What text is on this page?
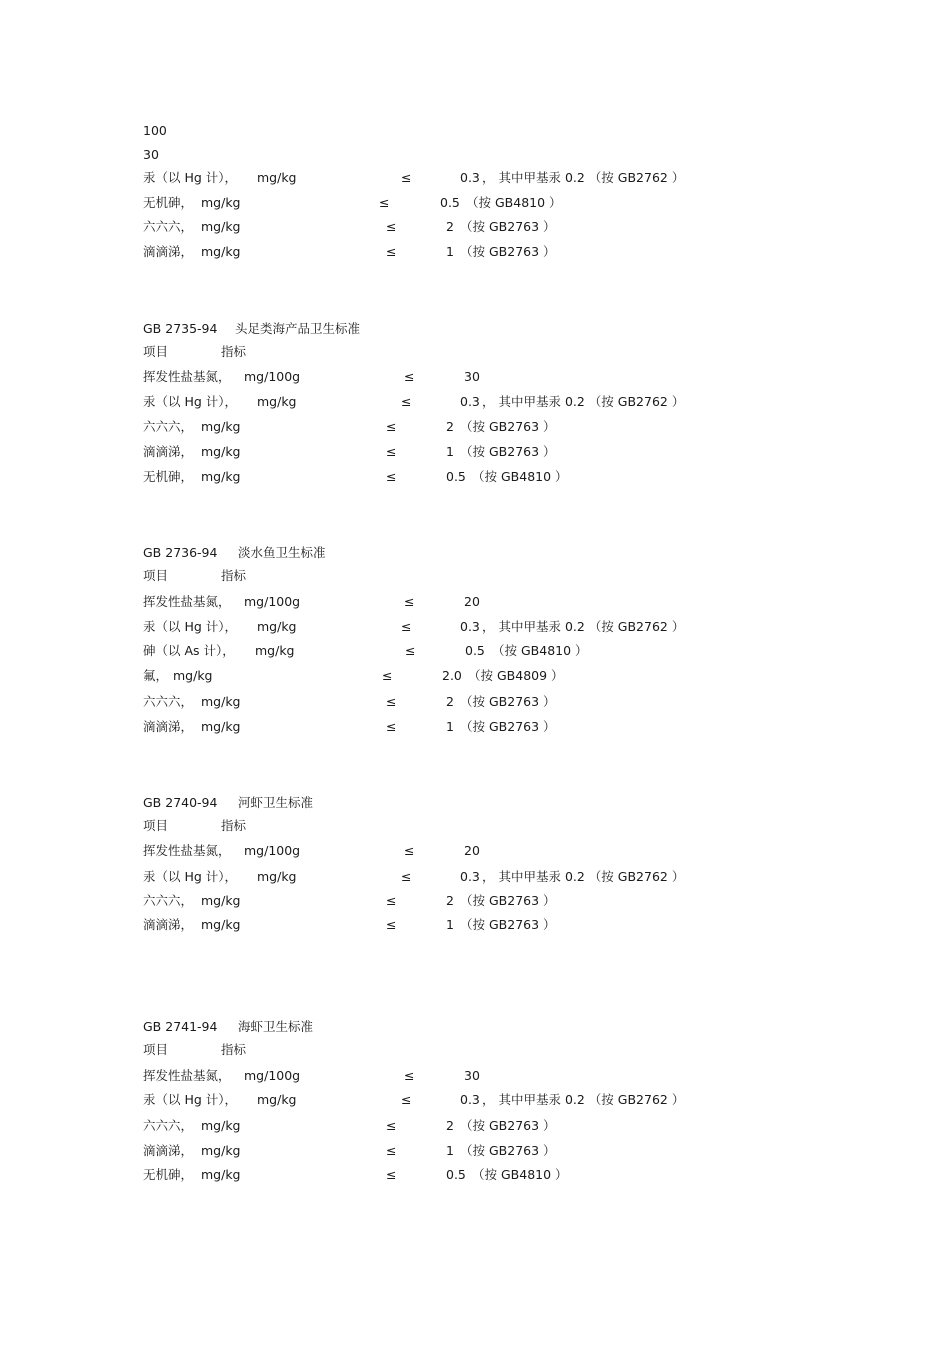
100
30
汞（以 Hg 计）， mg/kg	≤	0.3 ， 其中甲基汞 0.2 （按 GB2762 ）
无机砷， mg/kg	≤	0.5 （按 GB4810 ）
六六六， mg/kg	≤	2 （按 GB2763 ）
滴滴涕， mg/kg	≤	1 （按 GB2763 ）
GB 2735-94 头足类海产品卫生标准
项目	指标
挥发性盐基氮， mg/100g	≤	30
汞（以 Hg 计）， mg/kg	≤	0.3 ， 其中甲基汞 0.2 （按 GB2762 ）
六六六， mg/kg	≤	2 （按 GB2763 ）
滴滴涕， mg/kg	≤	1 （按 GB2763 ）
无机砷， mg/kg	≤	0.5 （按 GB4810 ）
GB 2736-94 淡水鱼卫生标准
项目	指标
挥发性盐基氮， mg/100g	≤	20
汞（以 Hg 计）， mg/kg	≤	0.3 ， 其中甲基汞 0.2 （按 GB2762 ）
砷（以 As 计）， mg/kg	≤	0.5 （按 GB4810 ）
氟， mg/kg	≤	2.0 （按 GB4809 ）
六六六， mg/kg	≤	2 （按 GB2763 ）
滴滴涕， mg/kg	≤	1 （按 GB2763 ）
GB 2740-94 河虾卫生标准
项目	指标
挥发性盐基氮， mg/100g	≤	20
汞（以 Hg 计）， mg/kg	≤	0.3 ， 其中甲基汞 0.2 （按 GB2762 ）
六六六， mg/kg	≤	2 （按 GB2763 ）
滴滴涕， mg/kg	≤	1 （按 GB2763 ）
GB 2741-94 海虾卫生标准
项目	指标
挥发性盐基氮， mg/100g	≤	30
汞（以 Hg 计）， mg/kg	≤	0.3 ， 其中甲基汞 0.2 （按 GB2762 ）
六六六， mg/kg	≤	2 （按 GB2763 ）
滴滴涕， mg/kg	≤	1 （按 GB2763 ）
无机砷， mg/kg	≤	0.5 （按 GB4810 ）
